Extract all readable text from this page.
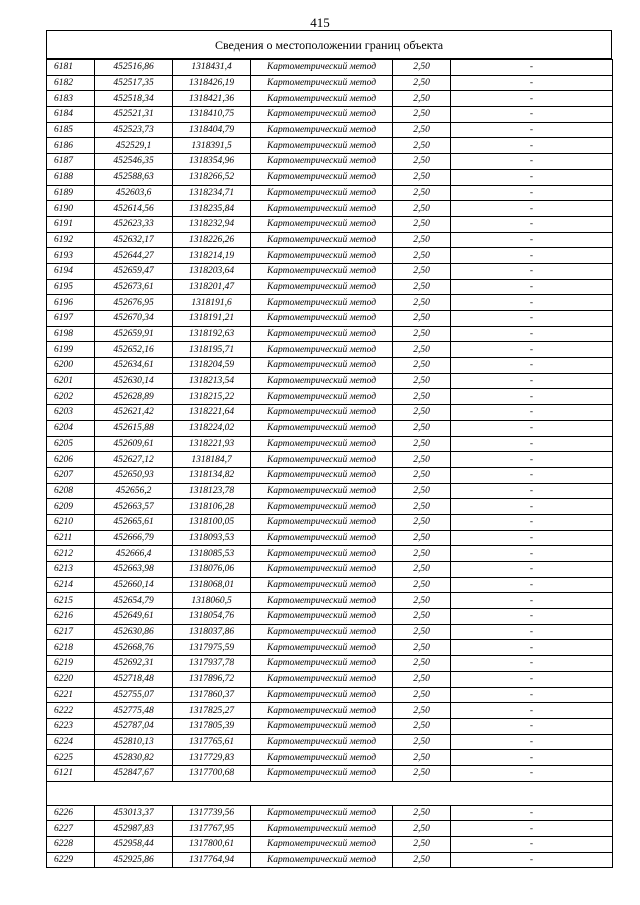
415
Сведения о местоположении границ объекта
6181	452516,86	1318431,4	Картометрический метод	2,50	-
6182	452517,35	1318426,19	Картометрический метод	2,50	-
6183	452518,34	1318421,36	Картометрический метод	2,50	-
6184	452521,31	1318410,75	Картометрический метод	2,50	-
6185	452523,73	1318404,79	Картометрический метод	2,50	-
6186	452529,1	1318391,5	Картометрический метод	2,50	-
6187	452546,35	1318354,96	Картометрический метод	2,50	-
6188	452588,63	1318266,52	Картометрический метод	2,50	-
6189	452603,6	1318234,71	Картометрический метод	2,50	-
6190	452614,56	1318235,84	Картометрический метод	2,50	-
6191	452623,33	1318232,94	Картометрический метод	2,50	-
6192	452632,17	1318226,26	Картометрический метод	2,50	-
6193	452644,27	1318214,19	Картометрический метод	2,50	-
6194	452659,47	1318203,64	Картометрический метод	2,50	-
6195	452673,61	1318201,47	Картометрический метод	2,50	-
6196	452676,95	1318191,6	Картометрический метод	2,50	-
6197	452670,34	1318191,21	Картометрический метод	2,50	-
6198	452659,91	1318192,63	Картометрический метод	2,50	-
6199	452652,16	1318195,71	Картометрический метод	2,50	-
6200	452634,61	1318204,59	Картометрический метод	2,50	-
6201	452630,14	1318213,54	Картометрический метод	2,50	-
6202	452628,89	1318215,22	Картометрический метод	2,50	-
6203	452621,42	1318221,64	Картометрический метод	2,50	-
6204	452615,88	1318224,02	Картометрический метод	2,50	-
6205	452609,61	1318221,93	Картометрический метод	2,50	-
6206	452627,12	1318184,7	Картометрический метод	2,50	-
6207	452650,93	1318134,82	Картометрический метод	2,50	-
6208	452656,2	1318123,78	Картометрический метод	2,50	-
6209	452663,57	1318106,28	Картометрический метод	2,50	-
6210	452665,61	1318100,05	Картометрический метод	2,50	-
6211	452666,79	1318093,53	Картометрический метод	2,50	-
6212	452666,4	1318085,53	Картометрический метод	2,50	-
6213	452663,98	1318076,06	Картометрический метод	2,50	-
6214	452660,14	1318068,01	Картометрический метод	2,50	-
6215	452654,79	1318060,5	Картометрический метод	2,50	-
6216	452649,61	1318054,76	Картометрический метод	2,50	-
6217	452630,86	1318037,86	Картометрический метод	2,50	-
6218	452668,76	1317975,59	Картометрический метод	2,50	-
6219	452692,31	1317937,78	Картометрический метод	2,50	-
6220	452718,48	1317896,72	Картометрический метод	2,50	-
6221	452755,07	1317860,37	Картометрический метод	2,50	-
6222	452775,48	1317825,27	Картометрический метод	2,50	-
6223	452787,04	1317805,39	Картометрический метод	2,50	-
6224	452810,13	1317765,61	Картометрический метод	2,50	-
6225	452830,82	1317729,83	Картометрический метод	2,50	-
6121	452847,67	1317700,68	Картометрический метод	2,50	-

6226	453013,37	1317739,56	Картометрический метод	2,50	-
6227	452987,83	1317767,95	Картометрический метод	2,50	-
6228	452958,44	1317800,61	Картометрический метод	2,50	-
6229	452925,86	1317764,94	Картометрический метод	2,50	-
